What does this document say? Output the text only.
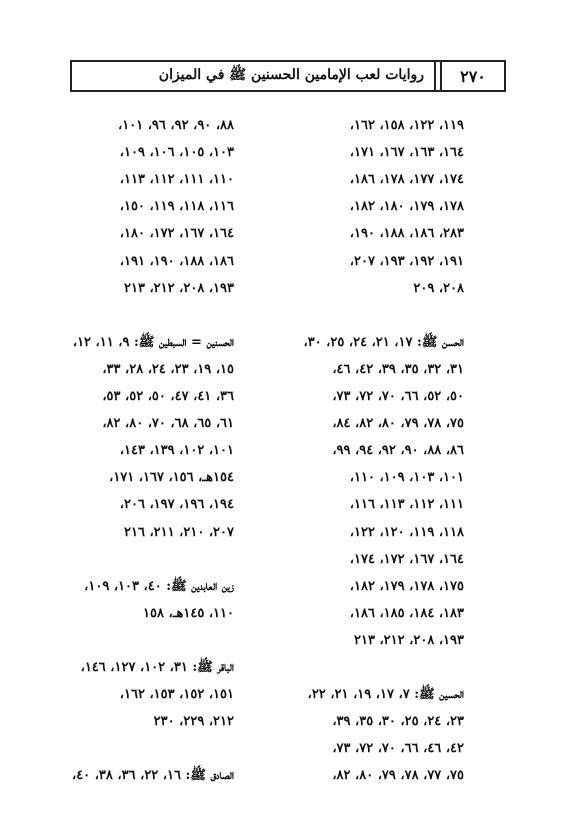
٢٧٠
روايات لعب الإمامين الحسنين ﷺ في الميزان
١١٩، ١٢٢، ١٥٨، ١٦٢،
١٦٤، ١٦٣، ١٦٧، ١٧١،
١٧٤، ١٧٧، ١٧٨، ١٨٦،
١٧٨، ١٧٩، ١٨٠، ١٨٢،
٢٨٣، ١٨٦، ١٨٨، ١٩٠،
١٩١، ١٩٢، ١٩٣، ٢٠٧،
٢٠٨، ٢٠٩
الحسن ﷺ: ١٧، ٢١، ٢٤، ٢٥، ٣٠،
٣١، ٣٢، ٣٥، ٣٩، ٤٢، ٤٦،
٥٠، ٥٢، ٦٦، ٧٠، ٧٢، ٧٣،
٧٥، ٧٨، ٧٩، ٨٠، ٨٢، ٨٤،
٨٦، ٨٨، ٩٠، ٩٢، ٩٤، ٩٩،
١٠١، ١٠٣، ١٠٩، ١١٠،
١١١، ١١٢، ١١٣، ١١٦،
١١٨، ١١٩، ١٢٠، ١٢٢،
١٦٤، ١٦٧، ١٧٢، ١٧٤،
١٧٥، ١٧٨، ١٧٩، ١٨٢،
١٨٣، ١٨٤، ١٨٥، ١٨٦،
١٩٣، ٢٠٨، ٢١٢، ٢١٣
الحسين ﷺ: ٧، ١٧، ١٩، ٢١، ٢٢،
٢٣، ٢٤، ٢٥، ٣٠، ٣٥، ٣٩،
٤٢، ٤٦، ٦٦، ٧٠، ٧٢، ٧٣،
٧٥، ٧٧، ٧٨، ٧٩، ٨٠، ٨٢،
٨٨، ٩٠، ٩٢، ٩٦، ١٠١،
١٠٣، ١٠٥، ١٠٦، ١٠٩،
١١٠، ١١١، ١١٢، ١١٣،
١١٦، ١١٨، ١١٩، ١٥٠،
١٦٤، ١٦٧، ١٧٢، ١٨٠،
١٨٦، ١٨٨، ١٩٠، ١٩١،
١٩٣، ٢٠٨، ٢١٢، ٢١٣
الحسنين = السبطين ﷺ: ٩، ١١، ١٢،
١٥، ١٩، ٢٣، ٢٤، ٢٨، ٣٣،
٣٦، ٤١، ٤٧، ٥٠، ٥٢، ٥٣،
٦١، ٦٥، ٦٨، ٧٠، ٨٠، ٨٢،
١٠١، ١٠٢، ١٣٩، ١٤٣،
١٥٤هـ، ١٥٦، ١٦٧، ١٧١،
١٩٤، ١٩٦، ١٩٧، ٢٠٦،
٢٠٧، ٢١٠، ٢١١، ٢١٦
زين العابدين ﷺ: ٤٠، ١٠٣، ١٠٩،
١١٠، ١٤٥هـ، ١٥٨
الباقر ﷺ: ٣١، ١٠٢، ١٢٧، ١٤٦،
١٥١، ١٥٢، ١٥٣، ١٦٢،
٢١٢، ٢٢٩، ٢٣٠
الصادق ﷺ: ١٦، ٢٢، ٣٦، ٣٨، ٤٠،
